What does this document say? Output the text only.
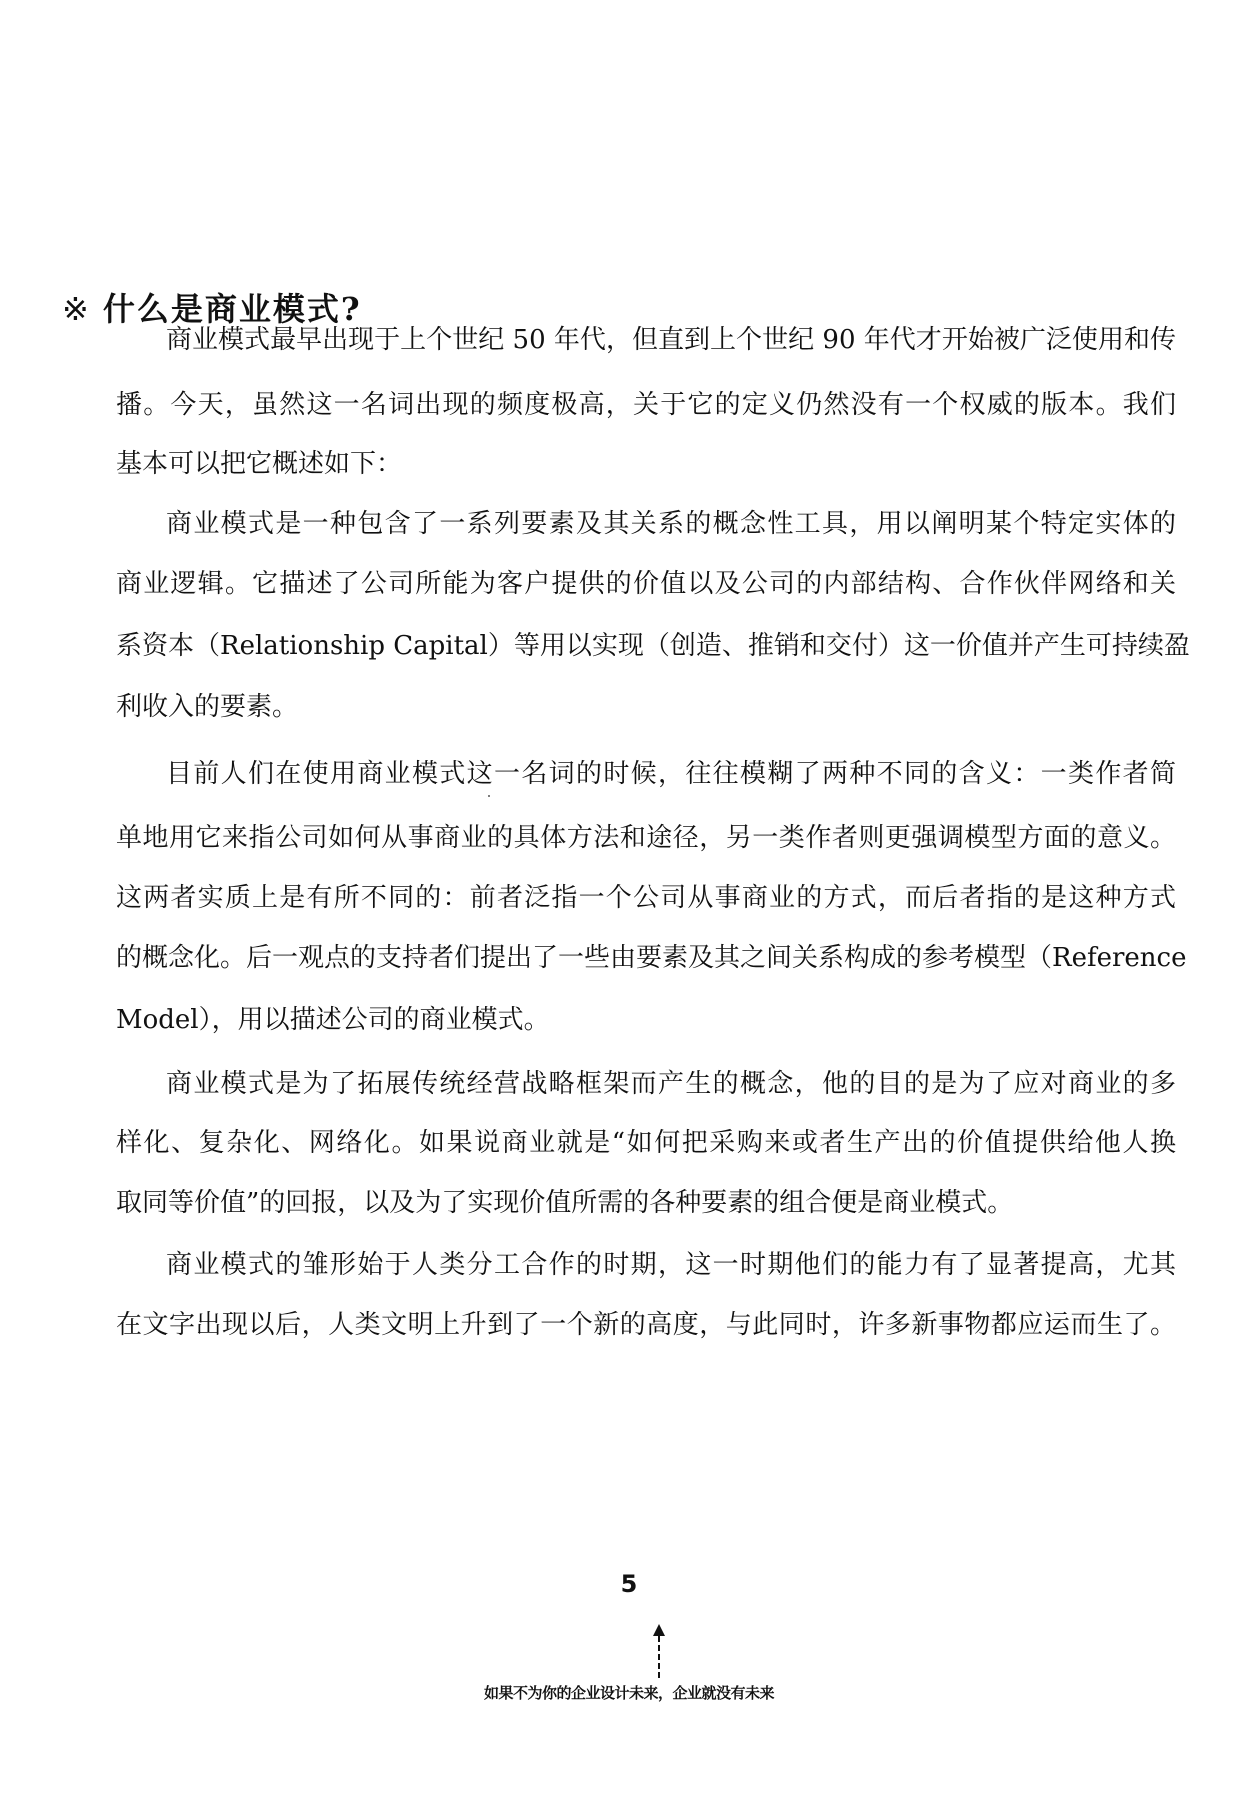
※ 什么是商业模式?
商业模式最早出现于上个世纪 50 年代，但直到上个世纪 90 年代才开始被广泛使用和传
播。今天，虽然这一名词出现的频度极高，关于它的定义仍然没有一个权威的版本。我们
基本可以把它概述如下：
商业模式是一种包含了一系列要素及其关系的概念性工具，用以阐明某个特定实体的
商业逻辑。它描述了公司所能为客户提供的价值以及公司的内部结构、合作伙伴网络和关
系资本（Relationship Capital）等用以实现（创造、推销和交付）这一价值并产生可持续盈
利收入的要素。
目前人们在使用商业模式这一名词的时候，往往模糊了两种不同的含义：一类作者简
单地用它来指公司如何从事商业的具体方法和途径，另一类作者则更强调模型方面的意义。
这两者实质上是有所不同的：前者泛指一个公司从事商业的方式，而后者指的是这种方式
的概念化。后一观点的支持者们提出了一些由要素及其之间关系构成的参考模型（Reference
Model），用以描述公司的商业模式。
商业模式是为了拓展传统经营战略框架而产生的概念，他的目的是为了应对商业的多
样化、复杂化、网络化。如果说商业就是“如何把采购来或者生产出的价值提供给他人换
取同等价值”的回报，以及为了实现价值所需的各种要素的组合便是商业模式。
商业模式的雏形始于人类分工合作的时期，这一时期他们的能力有了显著提高，尤其
在文字出现以后，人类文明上升到了一个新的高度，与此同时，许多新事物都应运而生了。
5
如果不为你的企业设计未来，企业就没有未来
